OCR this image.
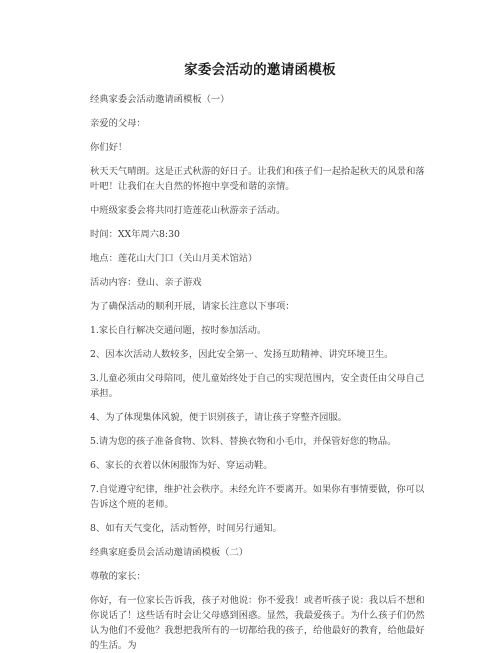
家委会活动的邀请函模板

经典家委会活动邀请函模板（一）

亲爱的父母：

你们好！

秋天天气晴朗。这是正式秋游的好日子。让我们和孩子们一起拾起秋天的风景和落叶吧！让我们在大自然的怀抱中享受和谐的亲情。

中班级家委会将共同打造莲花山秋游亲子活动。

时间：XX年周六8:30

地点：莲花山大门口（关山月美术馆站）

活动内容：登山、亲子游戏

为了确保活动的顺利开展，请家长注意以下事项：

1.家长自行解决交通问题，按时参加活动。

2、因本次活动人数较多，因此安全第一、发扬互助精神、讲究环境卫生。

3.儿童必须由父母陪同，使儿童始终处于自己的实现范围内，安全责任由父母自己承担。

4、为了体现集体风貌，便于识别孩子，请让孩子穿整齐园服。

5.请为您的孩子准备食物、饮料、替换衣物和小毛巾，并保管好您的物品。

6、家长的衣着以休闲服饰为好、穿运动鞋。

7.自觉遵守纪律，维护社会秩序。未经允许不要离开。如果你有事情要做，你可以告诉这个班的老师。

8、如有天气变化，活动暂停，时间另行通知。

经典家庭委员会活动邀请函模板（二）

尊敬的家长：

你好，有一位家长告诉我，孩子对他说：你不爱我！或者听孩子说：我以后不想和你说话了！这些话有时会让父母感到困惑。显然，我最爱孩子。为什么孩子们仍然认为他们不爱他？我想把我所有的一切都给我的孩子，给他最好的教育，给他最好的生活。为
